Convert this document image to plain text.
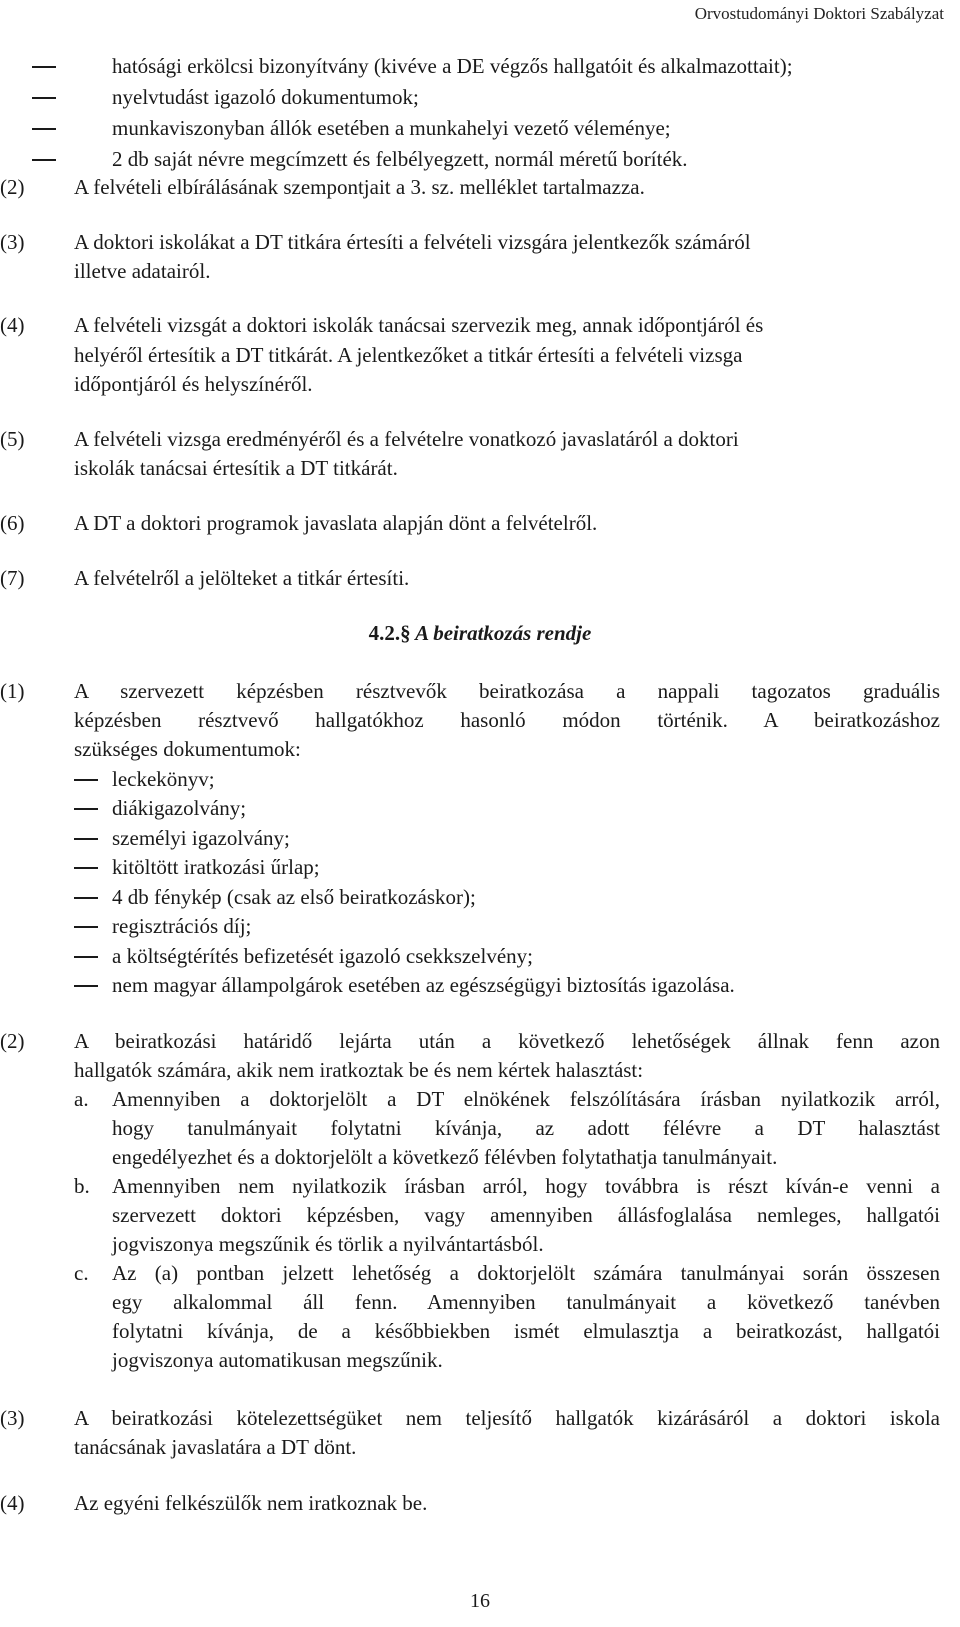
Orvostudományi Doktori Szabályzat
hatósági erkölcsi bizonyítvány (kivéve a DE végzős hallgatóit és alkalmazottait);
nyelvtudást igazoló dokumentumok;
munkaviszonyban állók esetében a munkahelyi vezető véleménye;
2 db saját névre megcímzett és felbélyegzett, normál méretű boríték.
(2) A felvételi elbírálásának szempontjait a 3. sz. melléklet tartalmazza.
(3) A doktori iskolákat a DT titkára értesíti a felvételi vizsgára jelentkezők számáról
illetve adatairól.
(4) A felvételi vizsgát a doktori iskolák tanácsai szervezik meg, annak időpontjáról és
helyéről értesítik a DT titkárát. A jelentkezőket a titkár értesíti a felvételi vizsga
időpontjáról és helyszínéről.
(5) A felvételi vizsga eredményéről és a felvételre vonatkozó javaslatáról a doktori
iskolák tanácsai értesítik a DT titkárát.
(6) A DT a doktori programok javaslata alapján dönt a felvételről.
(7) A felvételről a jelölteket a titkár értesíti.
4.2.§ A beiratkozás rendje
(1) A szervezett képzésben résztvevők beiratkozása a nappali tagozatos graduális
képzésben résztvevő hallgatókhoz hasonló módon történik. A beiratkozáshoz
szükséges dokumentumok:
leckekönyv;
diákigazolvány;
személyi igazolvány;
kitöltött iratkozási űrlap;
4 db fénykép (csak az első beiratkozáskor);
regisztrációs díj;
a költségtérítés befizetését igazoló csekkszelvény;
nem magyar állampolgárok esetében az egészségügyi biztosítás igazolása.
(2) A beiratkozási határidő lejárta után a következő lehetőségek állnak fenn azon
hallgatók számára, akik nem iratkoztak be és nem kértek halasztást:
a. Amennyiben a doktorjelölt a DT elnökének felszólítására írásban nyilatkozik arról,
hogy tanulmányait folytatni kívánja, az adott félévre a DT halasztást
engedélyezhet és a doktorjelölt a következő félévben folytathatja tanulmányait.
b. Amennyiben nem nyilatkozik írásban arról, hogy továbbra is részt kíván-e venni a
szervezett doktori képzésben, vagy amennyiben állásfoglalása nemleges, hallgatói
jogviszonya megszűnik és törlik a nyilvántartásból.
c. Az (a) pontban jelzett lehetőség a doktorjelölt számára tanulmányai során összesen
egy alkalommal áll fenn. Amennyiben tanulmányait a következő tanévben
folytatni kívánja, de a későbbiekben ismét elmulasztja a beiratkozást, hallgatói
jogviszonya automatikusan megszűnik.
(3) A beiratkozási kötelezettségüket nem teljesítő hallgatók kizárásáról a doktori iskola
tanácsának javaslatára a DT dönt.
(4) Az egyéni felkészülők nem iratkoznak be.
16
